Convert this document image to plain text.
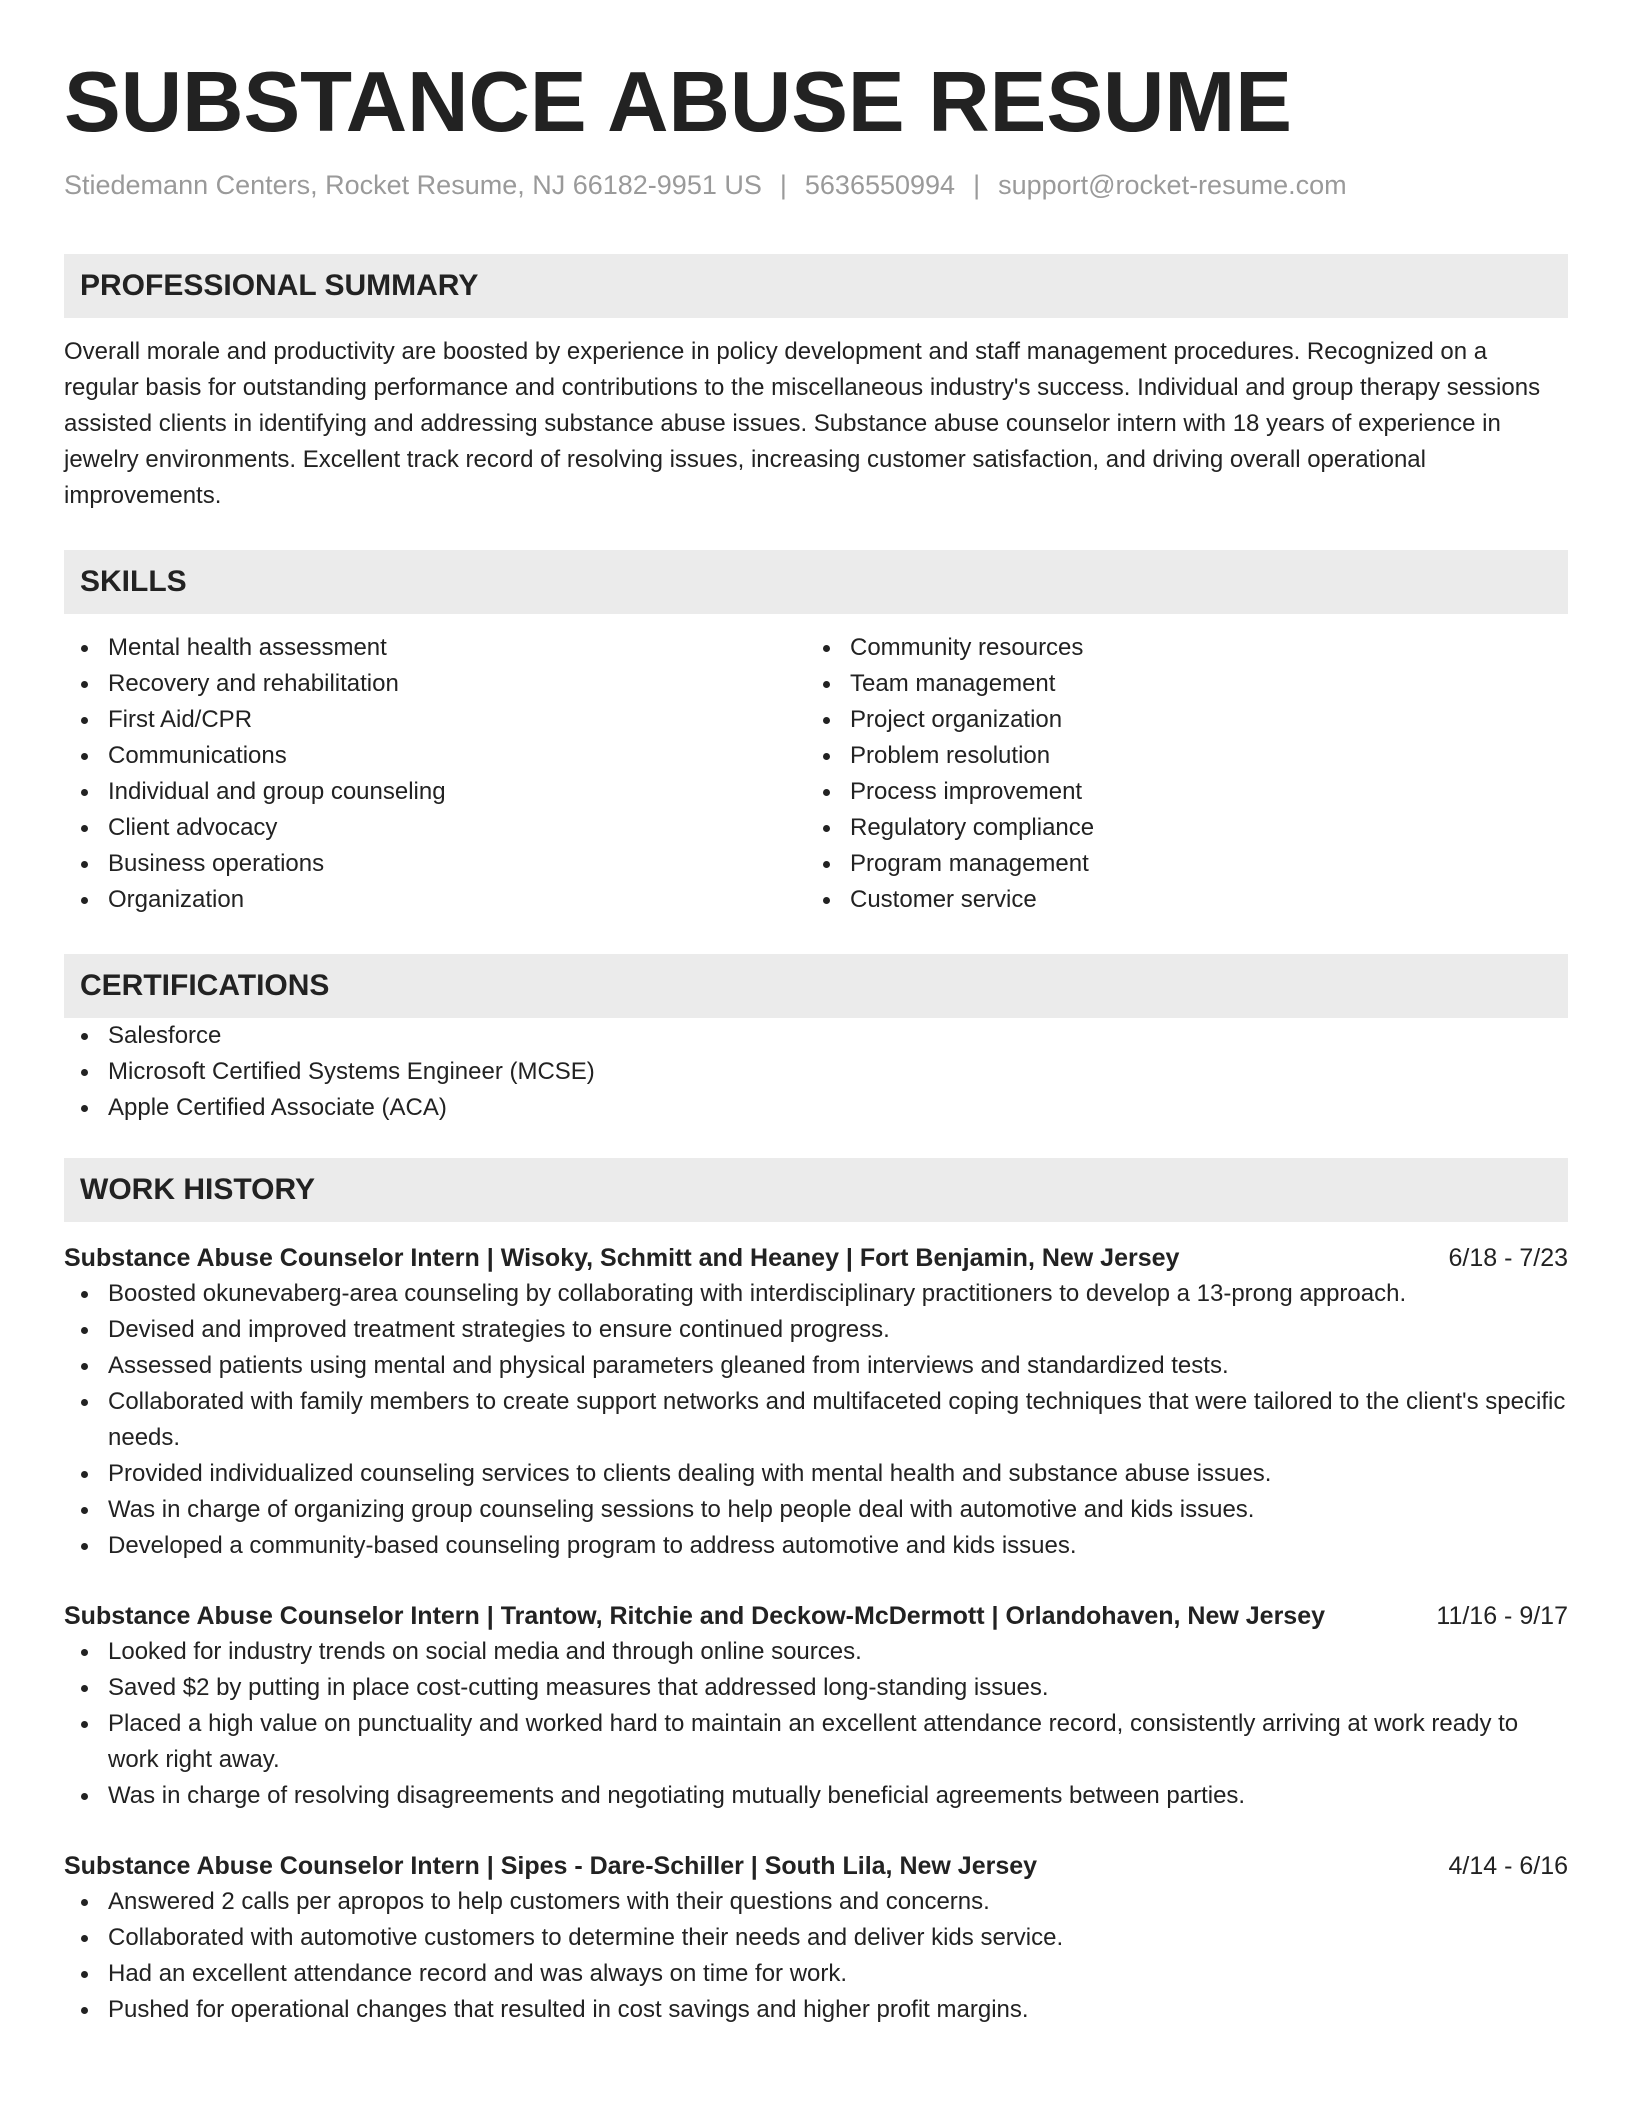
SUBSTANCE ABUSE RESUME
Stiedemann Centers, Rocket Resume, NJ 66182-9951 US | 5636550994 | support@rocket-resume.com
PROFESSIONAL SUMMARY
Overall morale and productivity are boosted by experience in policy development and staff management procedures. Recognized on a regular basis for outstanding performance and contributions to the miscellaneous industry's success. Individual and group therapy sessions assisted clients in identifying and addressing substance abuse issues. Substance abuse counselor intern with 18 years of experience in jewelry environments. Excellent track record of resolving issues, increasing customer satisfaction, and driving overall operational improvements.
SKILLS
Mental health assessment
Recovery and rehabilitation
First Aid/CPR
Communications
Individual and group counseling
Client advocacy
Business operations
Organization
Community resources
Team management
Project organization
Problem resolution
Process improvement
Regulatory compliance
Program management
Customer service
CERTIFICATIONS
Salesforce
Microsoft Certified Systems Engineer (MCSE)
Apple Certified Associate (ACA)
WORK HISTORY
Substance Abuse Counselor Intern | Wisoky, Schmitt and Heaney | Fort Benjamin, New Jersey	6/18 - 7/23
Boosted okunevaberg-area counseling by collaborating with interdisciplinary practitioners to develop a 13-prong approach.
Devised and improved treatment strategies to ensure continued progress.
Assessed patients using mental and physical parameters gleaned from interviews and standardized tests.
Collaborated with family members to create support networks and multifaceted coping techniques that were tailored to the client's specific needs.
Provided individualized counseling services to clients dealing with mental health and substance abuse issues.
Was in charge of organizing group counseling sessions to help people deal with automotive and kids issues.
Developed a community-based counseling program to address automotive and kids issues.
Substance Abuse Counselor Intern | Trantow, Ritchie and Deckow-McDermott | Orlandohaven, New Jersey	11/16 - 9/17
Looked for industry trends on social media and through online sources.
Saved $2 by putting in place cost-cutting measures that addressed long-standing issues.
Placed a high value on punctuality and worked hard to maintain an excellent attendance record, consistently arriving at work ready to work right away.
Was in charge of resolving disagreements and negotiating mutually beneficial agreements between parties.
Substance Abuse Counselor Intern | Sipes - Dare-Schiller | South Lila, New Jersey	4/14 - 6/16
Answered 2 calls per apropos to help customers with their questions and concerns.
Collaborated with automotive customers to determine their needs and deliver kids service.
Had an excellent attendance record and was always on time for work.
Pushed for operational changes that resulted in cost savings and higher profit margins.
